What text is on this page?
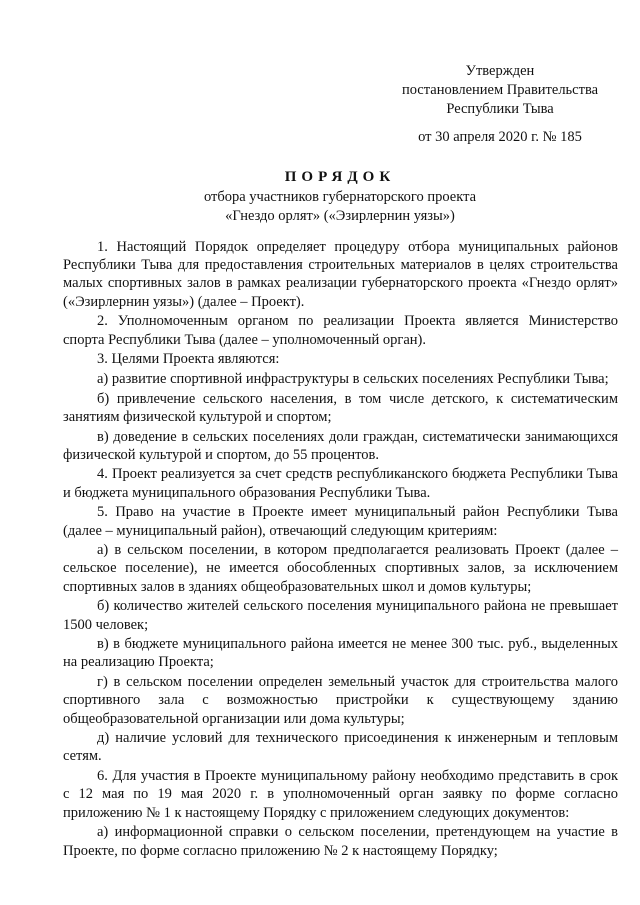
Утвержден
постановлением Правительства
Республики Тыва
от 30 апреля 2020 г. № 185
ПОРЯДОК
отбора участников губернаторского проекта
«Гнездо орлят» («Эзирлернин уязы»)

1. Настоящий Порядок определяет процедуру отбора муниципальных районов Республики Тыва для предоставления строительных материалов в целях строительства малых спортивных залов в рамках реализации губернаторского проекта «Гнездо орлят» («Эзирлернин уязы») (далее – Проект).

2. Уполномоченным органом по реализации Проекта является Министерство спорта Республики Тыва (далее – уполномоченный орган).

3. Целями Проекта являются:

а) развитие спортивной инфраструктуры в сельских поселениях Республики Тыва;

б) привлечение сельского населения, в том числе детского, к систематическим занятиям физической культурой и спортом;

в) доведение в сельских поселениях доли граждан, систематически занимающихся физической культурой и спортом, до 55 процентов.

4. Проект реализуется за счет средств республиканского бюджета Республики Тыва и бюджета муниципального образования Республики Тыва.

5. Право на участие в Проекте имеет муниципальный район Республики Тыва (далее – муниципальный район), отвечающий следующим критериям:

а) в сельском поселении, в котором предполагается реализовать Проект (далее – сельское поселение), не имеется обособленных спортивных залов, за исключением спортивных залов в зданиях общеобразовательных школ и домов культуры;

б) количество жителей сельского поселения муниципального района не превышает 1500 человек;

в) в бюджете муниципального района имеется не менее 300 тыс. руб., выделенных на реализацию Проекта;

г) в сельском поселении определен земельный участок для строительства малого спортивного зала с возможностью пристройки к существующему зданию общеобразовательной организации или дома культуры;

д) наличие условий для технического присоединения к инженерным и тепловым сетям.

6. Для участия в Проекте муниципальному району необходимо представить в срок с 12 мая по 19 мая 2020 г. в уполномоченный орган заявку по форме согласно приложению № 1 к настоящему Порядку с приложением следующих документов:

а) информационной справки о сельском поселении, претендующем на участие в Проекте, по форме согласно приложению № 2 к настоящему Порядку;
